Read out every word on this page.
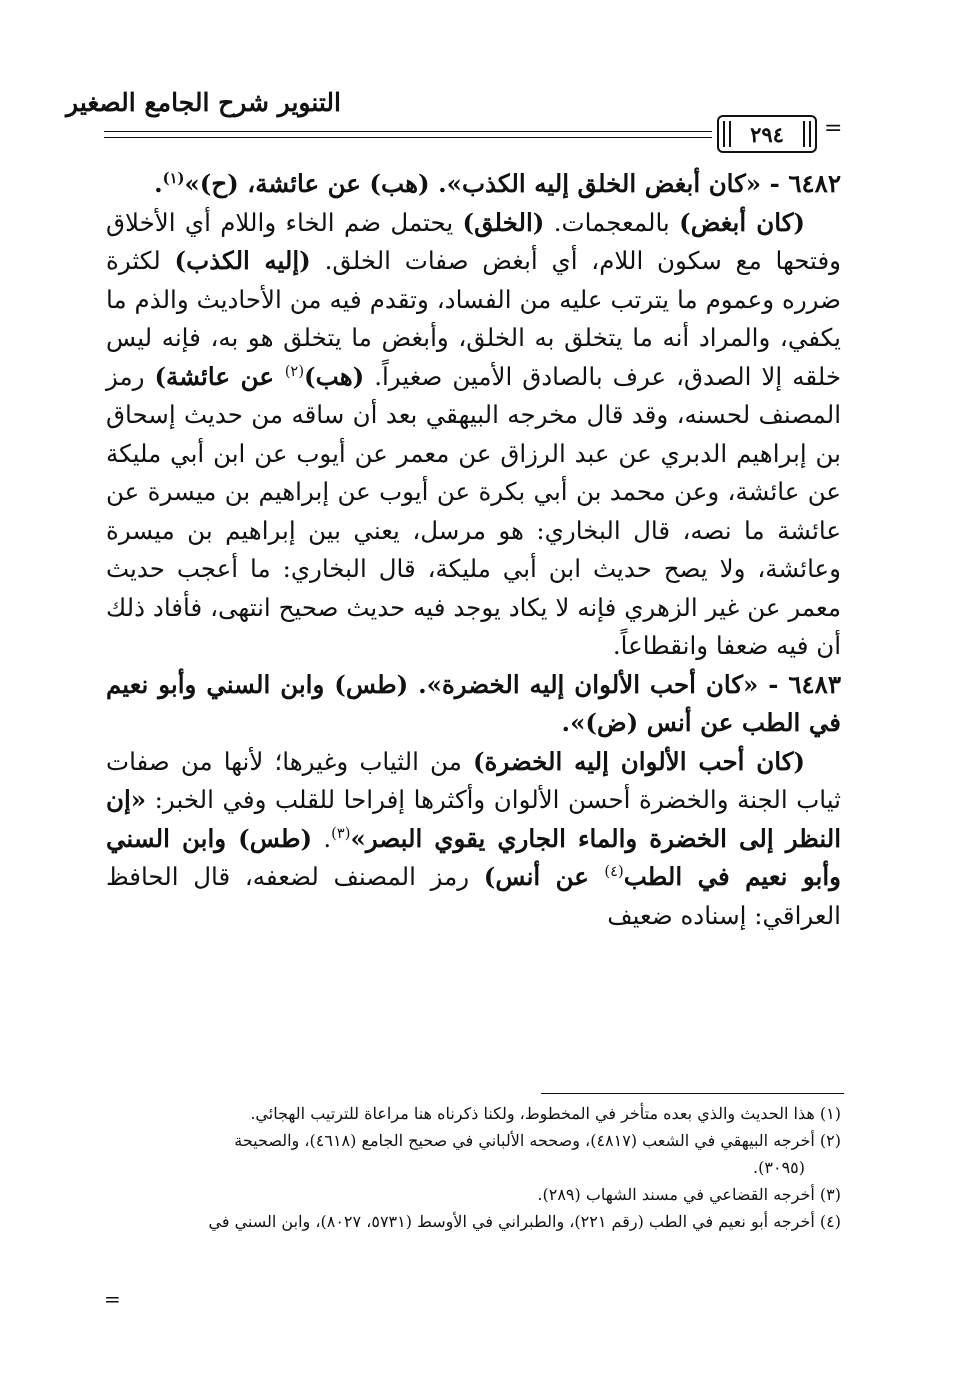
التنوير شرح الجامع الصغير
٢٩٤	=

٦٤٨٢ - «كان أبغض الخلق إليه الكذب». (هب) عن عائشة، (ح)»$^{(١)}$.

(كان أبغض) بالمعجمات. (الخلق) يحتمل ضم الخاء واللام أي الأخلاق وفتحها مع سكون اللام، أي أبغض صفات الخلق. (إليه الكذب) لكثرة ضرره وعموم ما يترتب عليه من الفساد، وتقدم فيه من الأحاديث والذم ما يكفي، والمراد أنه ما يتخلق به الخلق، وأبغض ما يتخلق هو به، فإنه ليس خلقه إلا الصدق، عرف بالصادق الأمين صغيراً. (هب)$^{(٢)}$ عن عائشة) رمز المصنف لحسنه، وقد قال مخرجه البيهقي بعد أن ساقه من حديث إسحاق بن إبراهيم الدبري عن عبد الرزاق عن معمر عن أيوب عن ابن أبي مليكة عن عائشة، وعن محمد بن أبي بكرة عن أيوب عن إبراهيم بن ميسرة عن عائشة ما نصه، قال البخاري: هو مرسل، يعني بين إبراهيم بن ميسرة وعائشة، ولا يصح حديث ابن أبي مليكة، قال البخاري: ما أعجب حديث معمر عن غير الزهري فإنه لا يكاد يوجد فيه حديث صحيح انتهى، فأفاد ذلك أن فيه ضعفا وانقطاعاً.

٦٤٨٣ - «كان أحب الألوان إليه الخضرة». (طس) وابن السني وأبو نعيم في الطب عن أنس (ض)».

(كان أحب الألوان إليه الخضرة) من الثياب وغيرها؛ لأنها من صفات ثياب الجنة والخضرة أحسن الألوان وأكثرها إفراحا للقلب وفي الخبر: «إن النظر إلى الخضرة والماء الجاري يقوي البصر»$^{(٣)}$. (طس) وابن السني وأبو نعيم في الطب$^{(٤)}$ عن أنس) رمز المصنف لضعفه، قال الحافظ العراقي: إسناده ضعيف

(١) هذا الحديث والذي بعده متأخر في المخطوط، ولكنا ذكرناه هنا مراعاة للترتيب الهجائي.

(٢) أخرجه البيهقي في الشعب (٤٨١٧)، وصححه الألباني في صحيح الجامع (٤٦١٨)، والصحيحة

(٣٠٩٥).

(٣) أخرجه القضاعي في مسند الشهاب (٢٨٩).

(٤) أخرجه أبو نعيم في الطب (رقم ٢٢١)، والطبراني في الأوسط (٥٧٣١، ٨٠٢٧)، وابن السني في

=
